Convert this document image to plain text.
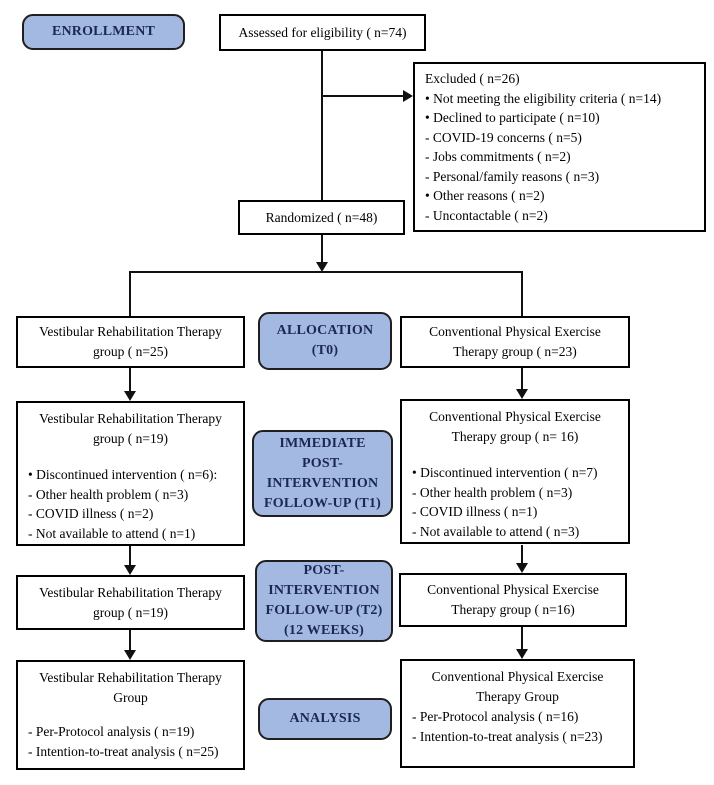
ENROLLMENT
ALLOCATION
(T0)
IMMEDIATE
POST-
INTERVENTION
FOLLOW-UP (T1)
POST-
INTERVENTION
FOLLOW-UP (T2)
(12 WEEKS)
ANALYSIS
Assessed for eligibility ( n=74)
Excluded ( n=26)
• Not meeting the eligibility criteria ( n=14)
• Declined to participate ( n=10)
- COVID-19 concerns ( n=5)
- Jobs commitments ( n=2)
- Personal/family reasons ( n=3)
• Other reasons ( n=2)
- Uncontactable ( n=2)
Randomized ( n=48)
Vestibular Rehabilitation Therapy
group ( n=25)
Conventional Physical Exercise
Therapy group ( n=23)
Vestibular Rehabilitation Therapy
group ( n=19)
• Discontinued intervention ( n=6):
- Other health problem ( n=3)
- COVID illness ( n=2)
- Not available to attend ( n=1)
Conventional Physical Exercise
Therapy group ( n= 16)
• Discontinued intervention ( n=7)
- Other health problem ( n=3)
- COVID illness ( n=1)
- Not available to attend ( n=3)
Vestibular Rehabilitation Therapy
group ( n=19)
Conventional Physical Exercise
Therapy group ( n=16)
Vestibular Rehabilitation Therapy
Group
- Per-Protocol analysis ( n=19)
- Intention-to-treat analysis ( n=25)
Conventional Physical Exercise
Therapy Group
- Per-Protocol analysis ( n=16)
- Intention-to-treat analysis ( n=23)
